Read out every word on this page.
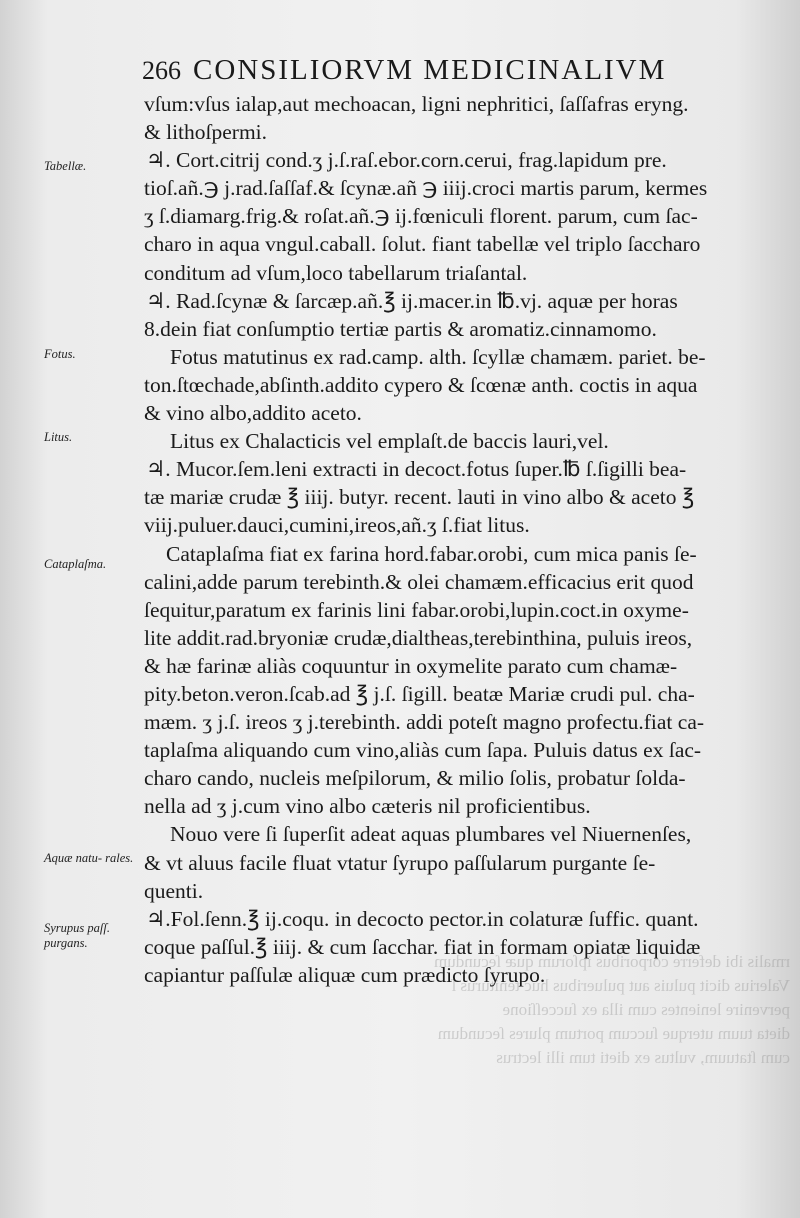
rmalis ibi deferre corporibus ipſorum quæ ſecundum
Valerius dicit puluis aut pulueribus huc teniturus ſ
pervenire lenientes cum illa ex ſucceſſione
dieta tuum uterque ſuccum portum plures ſecundum
cum ſtatuum, vultus ex dieti tum illi lectrus
266 CONSILIORVM MEDICINALIVM
Tabellæ.
Fotus.
Litus.
Cataplaſma.
Aquæ natu- rales.
Syrupus paſſ. purgans.
vſum:vſus ialap,aut mechoacan, ligni nephritici, ſaſſafras eryng.
& lithoſpermi.
♃. Cort.citrij cond.ʒ j.ſ.raſ.ebor.corn.cerui, frag.lapidum pre.
tioſ.añ.℈ j.rad.ſaſſaf.& ſcynæ.añ ℈ iiij.croci martis parum, kermes
ʒ ſ.diamarg.frig.& roſat.añ.℈ ij.fœniculi florent. parum, cum ſac-
charo in aqua vngul.caball. ſolut. fiant tabellæ vel triplo ſaccharo
conditum ad vſum,loco tabellarum triaſantal.
♃. Rad.ſcynæ & ſarcæp.añ.℥ ij.macer.in ℔.vj. aquæ per horas
8.dein fiat conſumptio tertiæ partis & aromatiz.cinnamomo.
Fotus matutinus ex rad.camp. alth. ſcyllæ chamæm. pariet. be-
ton.ſtœchade,abſinth.addito cypero & ſcœnæ anth. coctis in aqua
& vino albo,addito aceto.
Litus ex Chalacticis vel emplaſt.de baccis lauri,vel.
♃. Mucor.ſem.leni extracti in decoct.fotus ſuper.℔ ſ.ſigilli bea-
tæ mariæ crudæ ℥ iiij. butyr. recent. lauti in vino albo & aceto ℥
viij.puluer.dauci,cumini,ireos,añ.ʒ ſ.fiat litus.
Cataplaſma fiat ex farina hord.fabar.orobi, cum mica panis ſe-
calini,adde parum terebinth.& olei chamæm.efficacius erit quod
ſequitur,paratum ex farinis lini fabar.orobi,lupin.coct.in oxyme-
lite addit.rad.bryoniæ crudæ,dialtheas,terebinthina, puluis ireos,
& hæ farinæ aliàs coquuntur in oxymelite parato cum chamæ-
pity.beton.veron.ſcab.ad ℥ j.ſ. ſigill. beatæ Mariæ crudi pul. cha-
mæm. ʒ j.ſ. ireos ʒ j.terebinth. addi poteſt magno profectu.fiat ca-
taplaſma aliquando cum vino,aliàs cum ſapa. Puluis datus ex ſac-
charo cando, nucleis meſpilorum, & milio ſolis, probatur ſolda-
nella ad ʒ j.cum vino albo cæteris nil proficientibus.
Nouo vere ſi ſuperſit adeat aquas plumbares vel Niuernenſes,
& vt aluus facile fluat vtatur ſyrupo paſſularum purgante ſe-
quenti.
♃.Fol.ſenn.℥ ij.coqu. in decocto pector.in colaturæ ſuffic. quant.
coque paſſul.℥ iiij. & cum ſacchar. fiat in formam opiatæ liquidæ
capiantur paſſulæ aliquæ cum prædicto ſyrupo.
